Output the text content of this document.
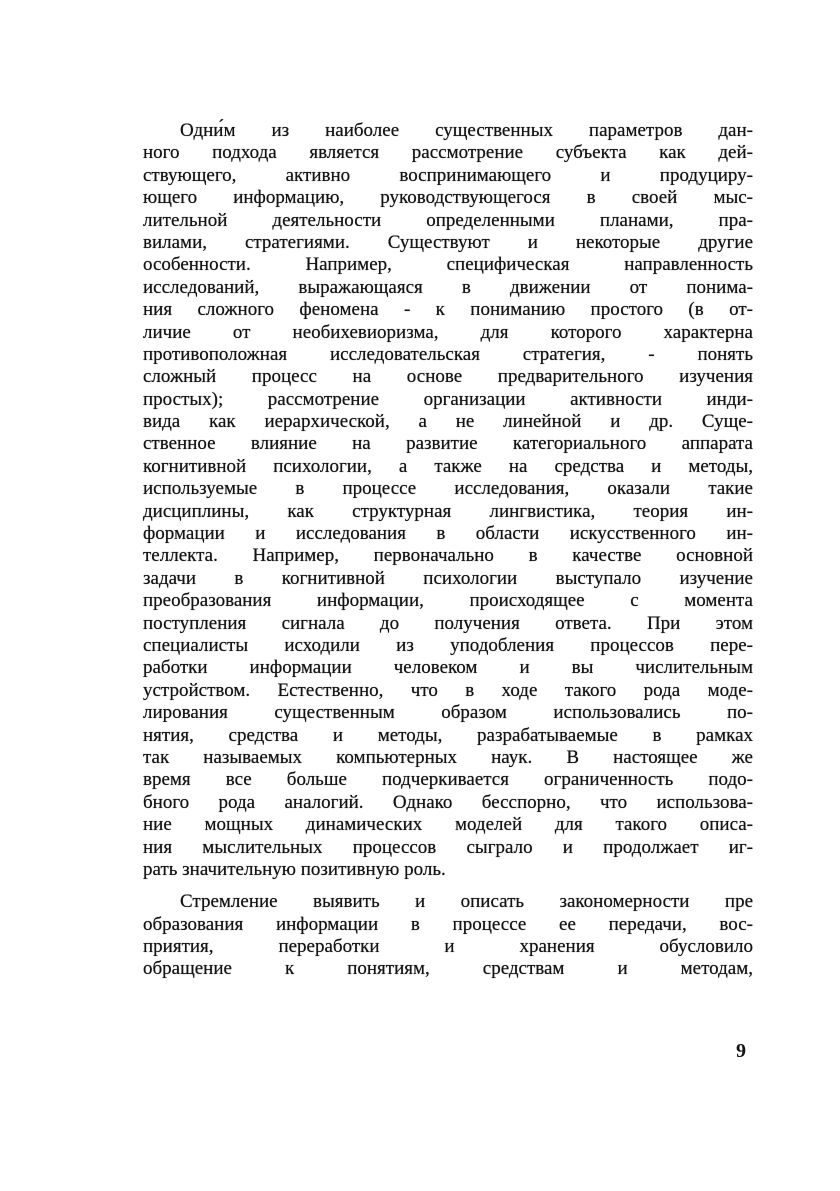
Одни́м из наиболее существенных параметров дан-
ного подхода является рассмотрение субъекта как дей-
ствующего, активно воспринимающего и продуциру-
ющего информацию, руководствующегося в своей мыс-
лительной деятельности определенными планами, пра-
вилами, стратегиями. Существуют и некоторые другие
особенности. Например, специфическая направленность
исследований, выражающаяся в движении от понима-
ния сложного феномена - к пониманию простого (в от-
личие от необихевиоризма, для которого характерна
противоположная исследовательская стратегия, - понять
сложный процесс на основе предварительного изучения
простых); рассмотрение организации активности инди-
вида как иерархической, а не линейной и др. Суще-
ственное влияние на развитие категориального аппарата
когнитивной психологии, а также на средства и методы,
используемые в процессе исследования, оказали такие
дисциплины, как структурная лингвистика, теория ин-
формации и исследования в области искусственного ин-
теллекта. Например, первоначально в качестве основной
задачи в когнитивной психологии выступало изучение
преобразования информации, происходящее с момента
поступления сигнала до получения ответа. При этом
специалисты исходили из уподобления процессов пере-
работки информации человеком и вы числительным
устройством. Естественно, что в ходе такого рода моде-
лирования существенным образом использовались по-
нятия, средства и методы, разрабатываемые в рамках
так называемых компьютерных наук. В настоящее же
время все больше подчеркивается ограниченность подо-
бного рода аналогий. Однако бесспорно, что использова-
ние мощных динамических моделей для такого описа-
ния мыслительных процессов сыграло и продолжает иг-
рать значительную позитивную роль.
Стремление выявить и описать закономерности пре
образования информации в процессе ее передачи, вос-
приятия, переработки и хранения обусловило
обращение к понятиям, средствам и методам,
9
